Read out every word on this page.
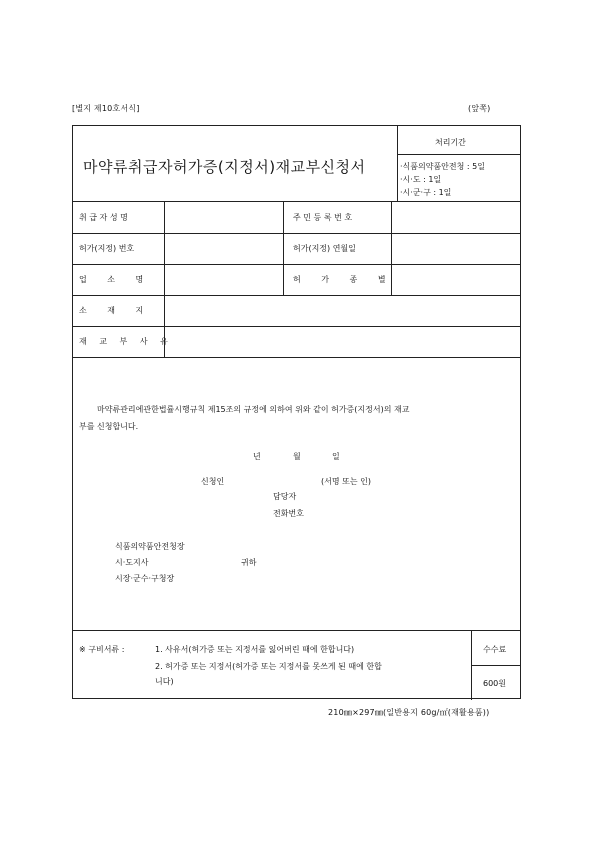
[별지 제10호서식]	(앞쪽)
마약류취급자허가증(지정서)재교부신청서
처리기간
·식품의약품안전청 : 5일
·시·도 : 1일
·시·군·구 : 1일
취 급 자 성 명	주 민 등 록 번 호
허가(지정) 번호	허가(지정) 연월일
업 소 명	허 가 종 별
소 재 지
재 교 부 사 유
마약류관리에관한법률시행규칙 제15조의 규정에 의하여 위와 같이 허가증(지정서)의 재교
부를 신청합니다.
년	월	일
신청인	(서명 또는 인)
담당자
전화번호
식품의약품안전청장
시·도지사	귀하
시장·군수·구청장
※ 구비서류 :	1. 사유서(허가증 또는 지정서를 잃어버린 때에 한합니다)
2. 허가증 또는 지정서(허가증 또는 지정서를 못쓰게 된 때에 한합
니다)
수수료
600원
210㎜×297㎜(일반용지 60g/㎡(재활용품))
